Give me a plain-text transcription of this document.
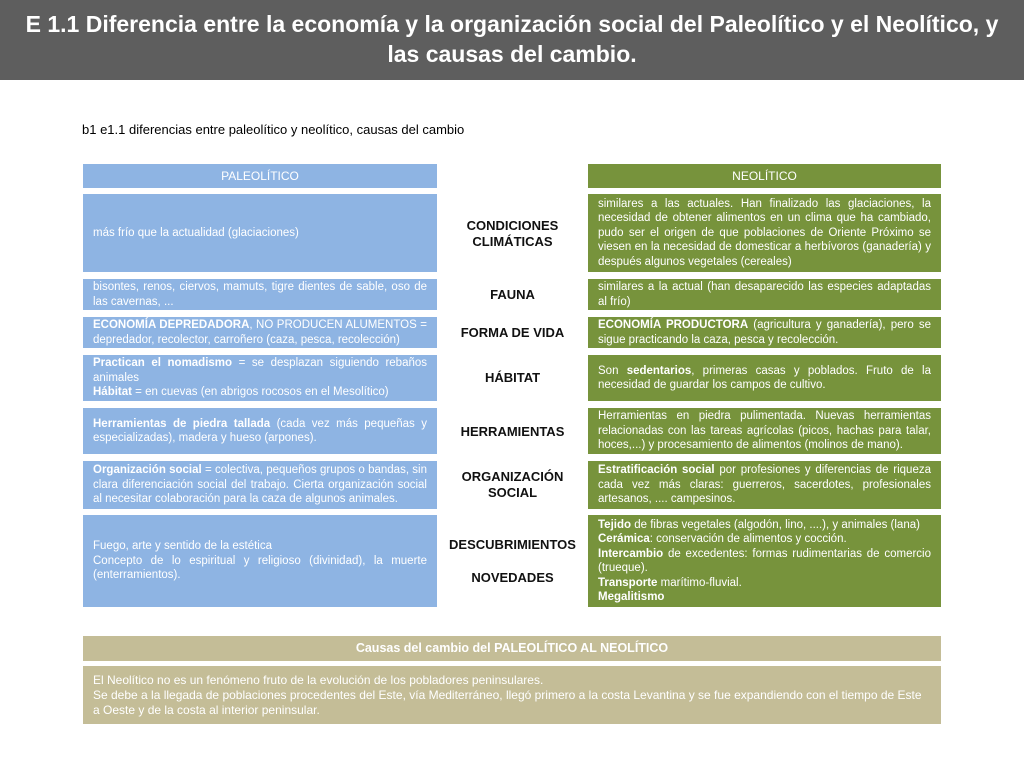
E 1.1 Diferencia entre la economía y la organización social del Paleolítico y el Neolítico, y
las causas del cambio.
b1 e1.1 diferencias entre paleolítico y neolítico, causas del cambio
PALEOLÍTICO

más frío que la actualidad (glaciaciones)

bisontes, renos, ciervos, mamuts, tigre dientes de sable, oso de las cavernas, ...

ECONOMÍA DEPREDADORA, NO PRODUCEN ALUMENTOS = depredador, recolector, carroñero (caza, pesca, recolección)

Practican el nomadismo = se desplazan siguiendo rebaños animales

Hábitat = en cuevas (en abrigos rocosos en el Mesolítico)

Herramientas de piedra tallada (cada vez más pequeñas y especializadas), madera y hueso (arpones).

Organización social = colectiva, pequeños grupos o bandas, sin clara diferenciación social del trabajo. Cierta organización social al necesitar colaboración para la caza de algunos animales.

Fuego, arte y sentido de la estética

Concepto de lo espiritual y religioso (divinidad), la muerte (enterramientos).

CONDICIONES CLIMÁTICAS
FAUNA
FORMA DE VIDA
HÁBITAT
HERRAMIENTAS
ORGANIZACIÓN SOCIAL
DESCUBRIMIENTOS
NOVEDADES
NEOLÍTICO

similares a las actuales. Han finalizado las glaciaciones, la necesidad de obtener alimentos en un clima que ha cambiado, pudo ser el origen de que poblaciones de Oriente Próximo se viesen en la necesidad de domesticar a herbívoros (ganadería) y después algunos vegetales (cereales)

similares a la actual (han desaparecido las especies adaptadas al frío)

ECONOMÍA PRODUCTORA (agricultura y ganadería), pero se sigue practicando la caza, pesca y recolección.

Son sedentarios, primeras casas y poblados. Fruto de la necesidad de guardar los campos de cultivo.

Herramientas en piedra pulimentada. Nuevas herramientas relacionadas con las tareas agrícolas (picos, hachas para talar, hoces,...) y procesamiento de alimentos (molinos de mano).

Estratificación social por profesiones y diferencias de riqueza cada vez más claras: guerreros, sacerdotes, profesionales artesanos, .... campesinos.

Tejido de fibras vegetales (algodón, lino, ....), y animales (lana)

Cerámica: conservación de alimentos y cocción.

Intercambio de excedentes: formas rudimentarias de comercio (trueque).

Transporte marítimo-fluvial.

Megalitismo

Causas del cambio del PALEOLÍTICO AL NEOLÍTICO

El Neolítico no es un fenómeno fruto de la evolución de los pobladores peninsulares.

Se debe a la llegada de poblaciones procedentes del Este, vía Mediterráneo, llegó primero a la costa Levantina y se fue expandiendo con el tiempo de Este a Oeste y de la costa al interior peninsular.
